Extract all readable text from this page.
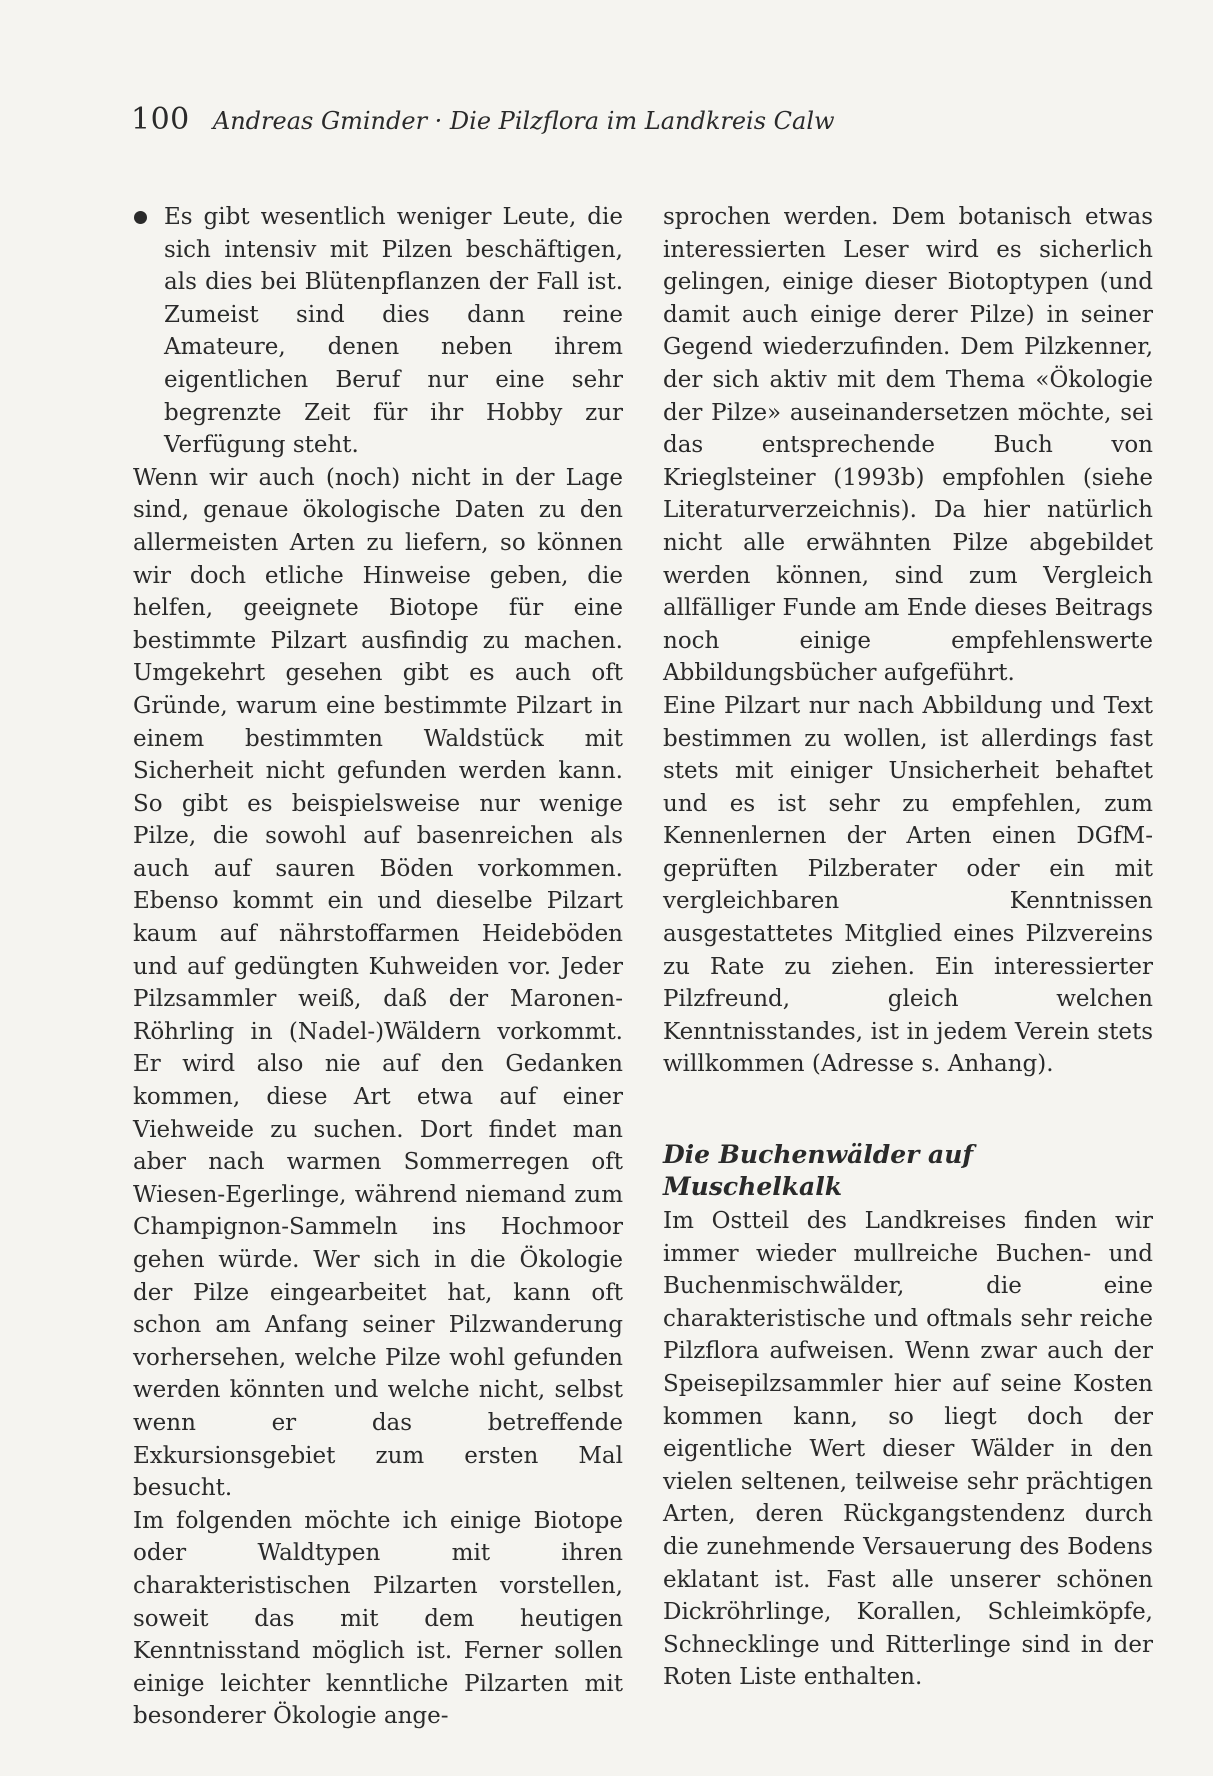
100 Andreas Gminder · Die Pilzflora im Landkreis Calw

Es gibt wesentlich weniger Leute, die sich intensiv mit Pilzen beschäftigen, als dies bei Blütenpflanzen der Fall ist. Zumeist sind dies dann reine Amateure, denen neben ihrem eigentlichen Beruf nur eine sehr begrenzte Zeit für ihr Hobby zur Verfügung steht.

Wenn wir auch (noch) nicht in der Lage sind, genaue ökologische Daten zu den allermeisten Arten zu liefern, so können wir doch etliche Hinweise geben, die helfen, geeignete Biotope für eine bestimmte Pilzart ausfindig zu machen. Umgekehrt gesehen gibt es auch oft Gründe, warum eine bestimmte Pilzart in einem bestimmten Waldstück mit Sicherheit nicht gefunden werden kann. So gibt es beispielsweise nur wenige Pilze, die sowohl auf basenreichen als auch auf sauren Böden vorkommen. Ebenso kommt ein und dieselbe Pilzart kaum auf nährstoffarmen Heideböden und auf gedüngten Kuhweiden vor. Jeder Pilzsammler weiß, daß der Maronen-Röhrling in (Nadel-)Wäldern vorkommt. Er wird also nie auf den Gedanken kommen, diese Art etwa auf einer Viehweide zu suchen. Dort findet man aber nach warmen Sommerregen oft Wiesen-Egerlinge, während niemand zum Champignon-Sammeln ins Hochmoor gehen würde. Wer sich in die Ökologie der Pilze eingearbeitet hat, kann oft schon am Anfang seiner Pilzwanderung vorhersehen, welche Pilze wohl gefunden werden könnten und welche nicht, selbst wenn er das betreffende Exkursionsgebiet zum ersten Mal besucht.

Im folgenden möchte ich einige Biotope oder Waldtypen mit ihren charakteristischen Pilzarten vorstellen, soweit das mit dem heutigen Kenntnisstand möglich ist. Ferner sollen einige leichter kenntliche Pilzarten mit besonderer Ökologie ange-

sprochen werden. Dem botanisch etwas interessierten Leser wird es sicherlich gelingen, einige dieser Biotoptypen (und damit auch einige derer Pilze) in seiner Gegend wiederzufinden. Dem Pilzkenner, der sich aktiv mit dem Thema «Ökologie der Pilze» auseinandersetzen möchte, sei das entsprechende Buch von Krieglsteiner (1993b) empfohlen (siehe Literaturverzeichnis). Da hier natürlich nicht alle erwähnten Pilze abgebildet werden können, sind zum Vergleich allfälliger Funde am Ende dieses Beitrags noch einige empfehlenswerte Abbildungsbücher aufgeführt.

Eine Pilzart nur nach Abbildung und Text bestimmen zu wollen, ist allerdings fast stets mit einiger Unsicherheit behaftet und es ist sehr zu empfehlen, zum Kennenlernen der Arten einen DGfM-geprüften Pilzberater oder ein mit vergleichbaren Kenntnissen ausgestattetes Mitglied eines Pilzvereins zu Rate zu ziehen. Ein interessierter Pilzfreund, gleich welchen Kenntnisstandes, ist in jedem Verein stets willkommen (Adresse s. Anhang).

Die Buchenwälder auf Muschelkalk

Im Ostteil des Landkreises finden wir immer wieder mullreiche Buchen- und Buchenmischwälder, die eine charakteristische und oftmals sehr reiche Pilzflora aufweisen. Wenn zwar auch der Speisepilzsammler hier auf seine Kosten kommen kann, so liegt doch der eigentliche Wert dieser Wälder in den vielen seltenen, teilweise sehr prächtigen Arten, deren Rückgangstendenz durch die zunehmende Versauerung des Bodens eklatant ist. Fast alle unserer schönen Dickröhrlinge, Korallen, Schleimköpfe, Schnecklinge und Ritterlinge sind in der Roten Liste enthalten.
